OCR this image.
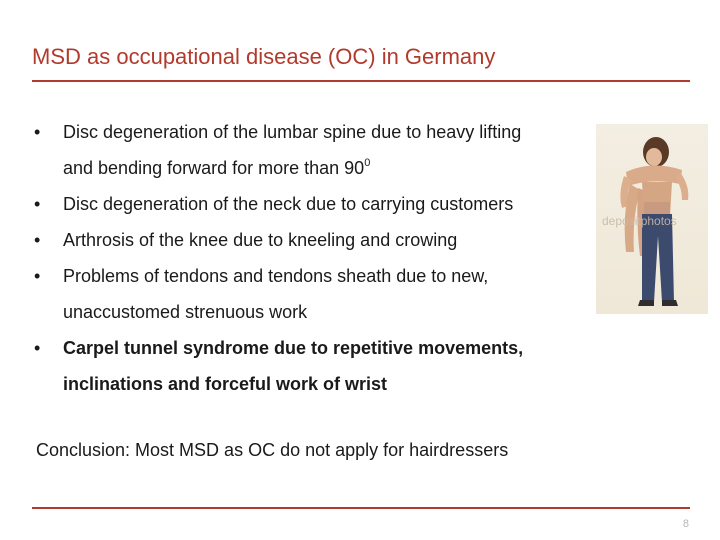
MSD as occupational disease (OC) in Germany
•	Disc degeneration of the lumbar spine due to heavy lifting
and bending forward for more than $90^0$
•	Disc degeneration of the neck due to carrying customers
•	Arthrosis of the knee due to kneeling and crowing
•	Problems of tendons and tendons sheath due to new,
unaccustomed strenuous work
•	Carpel tunnel syndrome due to repetitive movements,
inclinations and forceful work of wrist
depositphotos
Conclusion: Most MSD as OC do not apply for hairdressers
8
